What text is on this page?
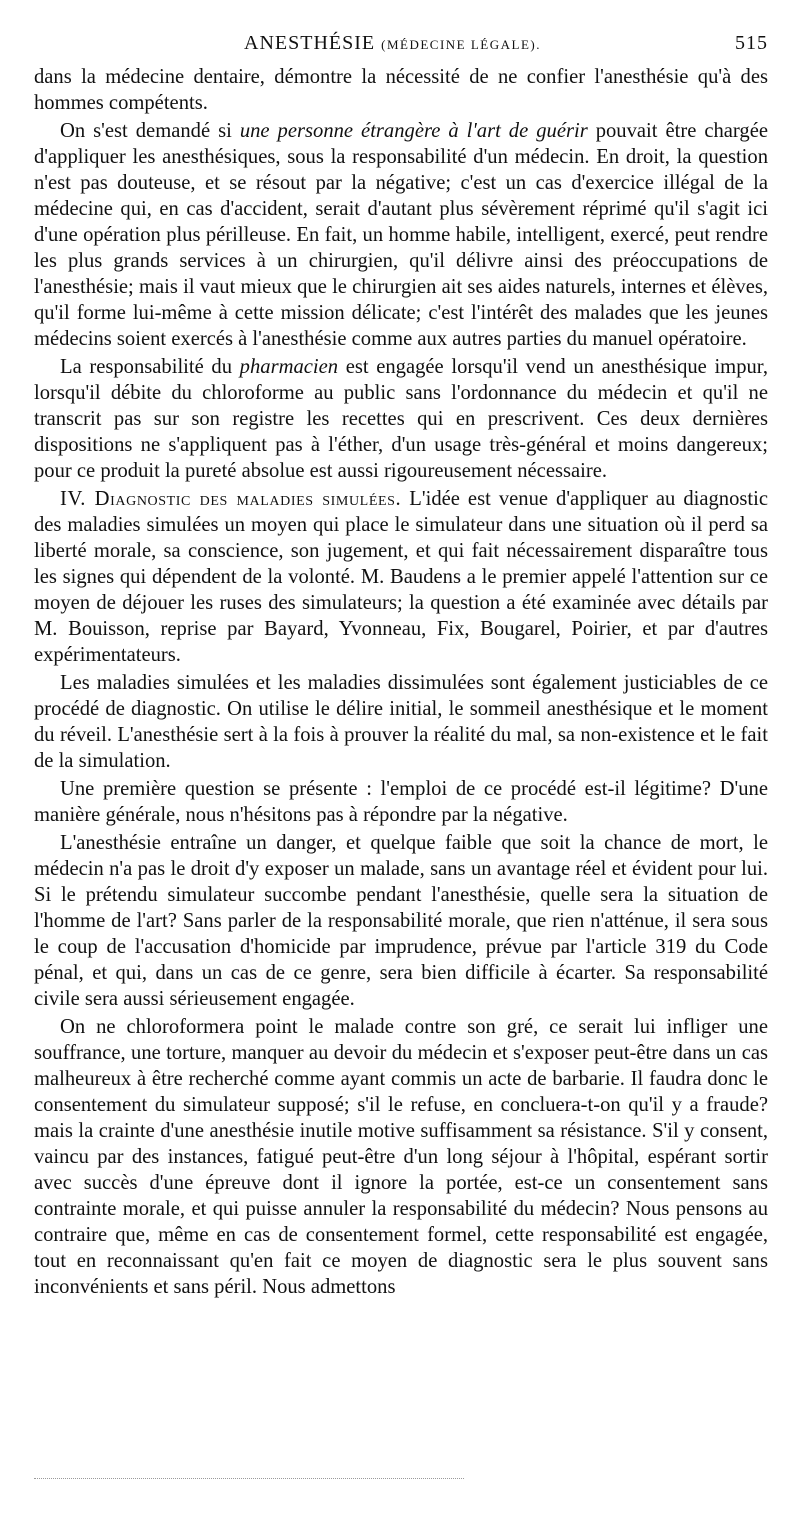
ANESTHÉSIE (MÉDECINE LÉGALE).	515

dans la médecine dentaire, démontre la nécessité de ne confier l'anesthésie qu'à des hommes compétents.

On s'est demandé si une personne étrangère à l'art de guérir pouvait être chargée d'appliquer les anesthésiques, sous la responsabilité d'un médecin. En droit, la question n'est pas douteuse, et se résout par la négative; c'est un cas d'exercice illégal de la médecine qui, en cas d'accident, serait d'autant plus sévèrement réprimé qu'il s'agit ici d'une opération plus périlleuse. En fait, un homme habile, intelligent, exercé, peut rendre les plus grands services à un chirurgien, qu'il délivre ainsi des préoccupations de l'anesthésie; mais il vaut mieux que le chirurgien ait ses aides naturels, internes et élèves, qu'il forme lui-même à cette mission délicate; c'est l'intérêt des malades que les jeunes médecins soient exercés à l'anesthésie comme aux autres parties du manuel opératoire.

La responsabilité du pharmacien est engagée lorsqu'il vend un anesthésique impur, lorsqu'il débite du chloroforme au public sans l'ordonnance du médecin et qu'il ne transcrit pas sur son registre les recettes qui en prescrivent. Ces deux dernières dispositions ne s'appliquent pas à l'éther, d'un usage très-général et moins dangereux; pour ce produit la pureté absolue est aussi rigoureusement nécessaire.

IV. Diagnostic des maladies simulées. L'idée est venue d'appliquer au diagnostic des maladies simulées un moyen qui place le simulateur dans une situation où il perd sa liberté morale, sa conscience, son jugement, et qui fait nécessairement disparaître tous les signes qui dépendent de la volonté. M. Baudens a le premier appelé l'attention sur ce moyen de déjouer les ruses des simulateurs; la question a été examinée avec détails par M. Bouisson, reprise par Bayard, Yvonneau, Fix, Bougarel, Poirier, et par d'autres expérimentateurs.

Les maladies simulées et les maladies dissimulées sont également justiciables de ce procédé de diagnostic. On utilise le délire initial, le sommeil anesthésique et le moment du réveil. L'anesthésie sert à la fois à prouver la réalité du mal, sa non-existence et le fait de la simulation.

Une première question se présente : l'emploi de ce procédé est-il légitime? D'une manière générale, nous n'hésitons pas à répondre par la négative.

L'anesthésie entraîne un danger, et quelque faible que soit la chance de mort, le médecin n'a pas le droit d'y exposer un malade, sans un avantage réel et évident pour lui. Si le prétendu simulateur succombe pendant l'anesthésie, quelle sera la situation de l'homme de l'art? Sans parler de la responsabilité morale, que rien n'atténue, il sera sous le coup de l'accusation d'homicide par imprudence, prévue par l'article 319 du Code pénal, et qui, dans un cas de ce genre, sera bien difficile à écarter. Sa responsabilité civile sera aussi sérieusement engagée.

On ne chloroformera point le malade contre son gré, ce serait lui infliger une souffrance, une torture, manquer au devoir du médecin et s'exposer peut-être dans un cas malheureux à être recherché comme ayant commis un acte de barbarie. Il faudra donc le consentement du simulateur supposé; s'il le refuse, en concluera-t-on qu'il y a fraude? mais la crainte d'une anesthésie inutile motive suffisamment sa résistance. S'il y consent, vaincu par des instances, fatigué peut-être d'un long séjour à l'hôpital, espérant sortir avec succès d'une épreuve dont il ignore la portée, est-ce un consentement sans contrainte morale, et qui puisse annuler la responsabilité du médecin? Nous pensons au contraire que, même en cas de consentement formel, cette responsabilité est engagée, tout en reconnaissant qu'en fait ce moyen de diagnostic sera le plus souvent sans inconvénients et sans péril. Nous admettons
